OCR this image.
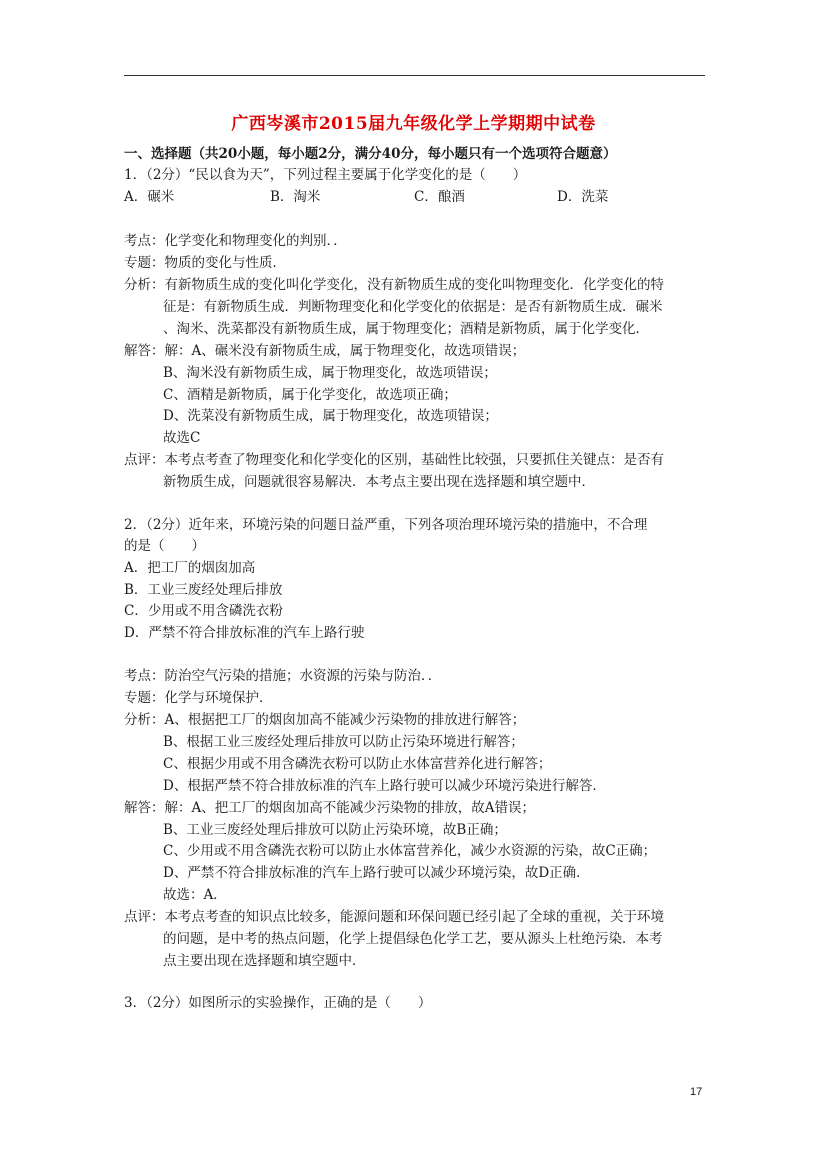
广西岑溪市2015届九年级化学上学期期中试卷
一、选择题（共20小题，每小题2分，满分40分，每小题只有一个选项符合题意）
1．（2分）“民以食为天”，下列过程主要属于化学变化的是（　　）
A．碾米	B．淘米	C．酿酒	D．洗菜
考点：化学变化和物理变化的判别．．
专题：物质的变化与性质．
分析：有新物质生成的变化叫化学变化，没有新物质生成的变化叫物理变化．化学变化的特
征是：有新物质生成．判断物理变化和化学变化的依据是：是否有新物质生成．碾米
、淘米、洗菜都没有新物质生成，属于物理变化；酒精是新物质，属于化学变化．
解答：解：A、碾米没有新物质生成，属于物理变化，故选项错误；
B、淘米没有新物质生成，属于物理变化，故选项错误；
C、酒精是新物质，属于化学变化，故选项正确；
D、洗菜没有新物质生成，属于物理变化，故选项错误；
故选C
点评：本考点考查了物理变化和化学变化的区别，基础性比较强，只要抓住关键点：是否有
新物质生成，问题就很容易解决．本考点主要出现在选择题和填空题中．
2．（2分）近年来，环境污染的问题日益严重，下列各项治理环境污染的措施中，不合理
的是（　　）
A．把工厂的烟囱加高
B．工业三废经处理后排放
C．少用或不用含磷洗衣粉
D．严禁不符合排放标准的汽车上路行驶
考点：防治空气污染的措施；水资源的污染与防治．．
专题：化学与环境保护．
分析：A、根据把工厂的烟囱加高不能减少污染物的排放进行解答；
B、根据工业三废经处理后排放可以防止污染环境进行解答；
C、根据少用或不用含磷洗衣粉可以防止水体富营养化进行解答；
D、根据严禁不符合排放标准的汽车上路行驶可以减少环境污染进行解答．
解答：解：A、把工厂的烟囱加高不能减少污染物的排放，故A错误；
B、工业三废经处理后排放可以防止污染环境，故B正确；
C、少用或不用含磷洗衣粉可以防止水体富营养化，减少水资源的污染，故C正确；
D、严禁不符合排放标准的汽车上路行驶可以减少环境污染，故D正确．
故选：A．
点评：本考点考查的知识点比较多，能源问题和环保问题已经引起了全球的重视，关于环境
的问题，是中考的热点问题，化学上提倡绿色化学工艺，要从源头上杜绝污染．本考
点主要出现在选择题和填空题中．
3．（2分）如图所示的实验操作，正确的是（　　）
17
